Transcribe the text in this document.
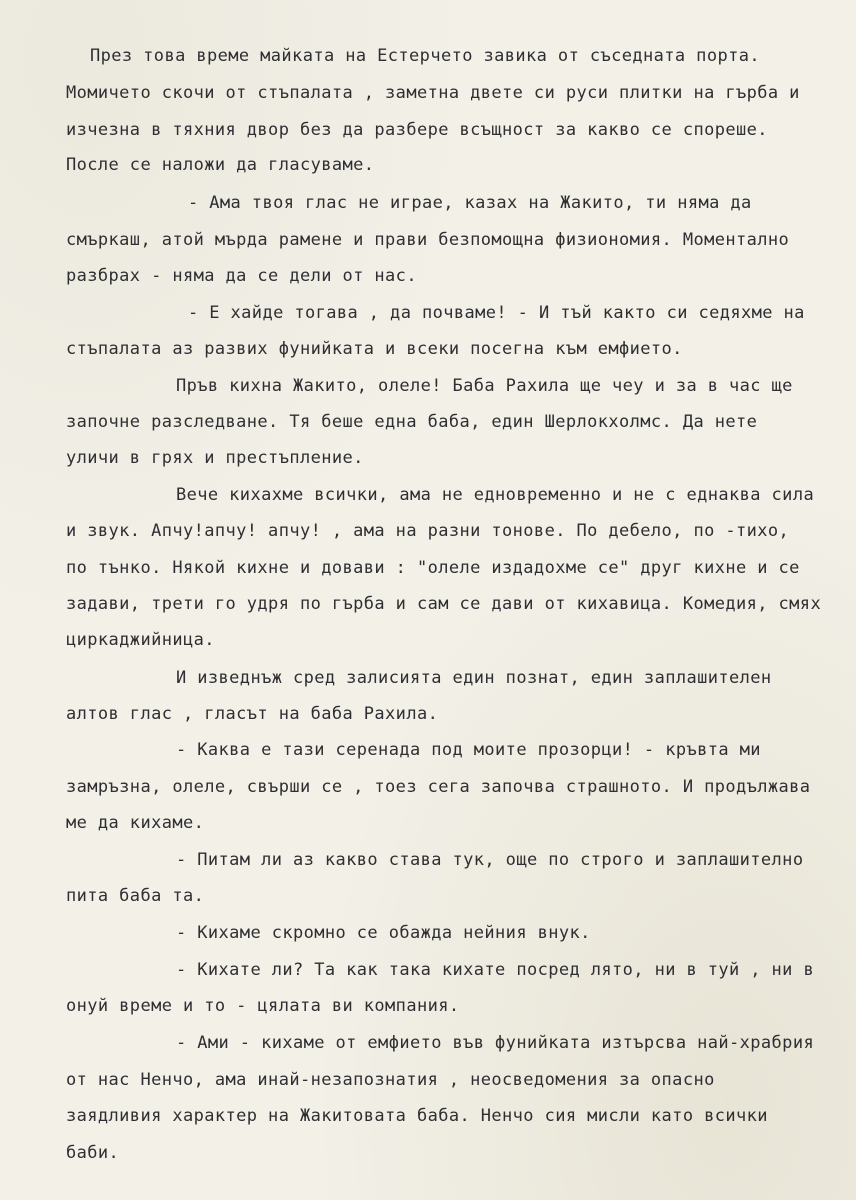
През това време майката на Естерчето завика от съседната порта.
Момичето скочи от стъпалата , заметна двете си руси плитки на гърба и
изчезна в тяхния двор без да разбере всъщност за какво се спореше.
После се наложи да гласуваме.
- Ама твоя глас не играе, казах на Жакито, ти няма да
смъркаш, атой мърда рамене и прави безпомощна физиономия. Моментално
разбрах - няма да се дели от нас.
- Е хайде тогава , да почваме! - И тъй както си седяхме на
стъпалата аз развих фунийката и всеки посегна към емфието.
Пръв кихна Жакито, олеле! Баба Рахила ще чеу и за в час ще
започне разследване. Тя беше една баба, един Шерлокхолмс. Да нете
уличи в грях и престъпление.
Вече кихахме всички, ама не едновременно и не с еднаква сила
и звук. Апчу!апчу! апчу! , ама на разни тонове. По дебело, по -тихо,
по тънко. Някой кихне и довави : "олеле издадохме се" друг кихне и се
задави, трети го удря по гърба и сам се дави от кихавица. Комедия, смях
циркаджийница.
И изведнъж сред залисията един познат, един заплашителен
алтов глас , гласът на баба Рахила.
- Каква е тази серенада под моите прозорци! - кръвта ми
замръзна, олеле, свърши се , тоез сега започва страшното. И продължава
ме да кихаме.
- Питам ли аз какво става тук, още по строго и заплашително
пита баба та.
- Кихаме скромно се обажда нейния внук.
- Кихате ли? Та как така кихате посред лято, ни в туй , ни в
онуй време и то - цялата ви компания.
- Ами - кихаме от емфието във фунийката изтърсва най-храбрия
от нас Ненчо, ама инай-незапознатия , неосведомения за опасно
заядливия характер на Жакитовата баба. Ненчо сия мисли като всички
баби.
